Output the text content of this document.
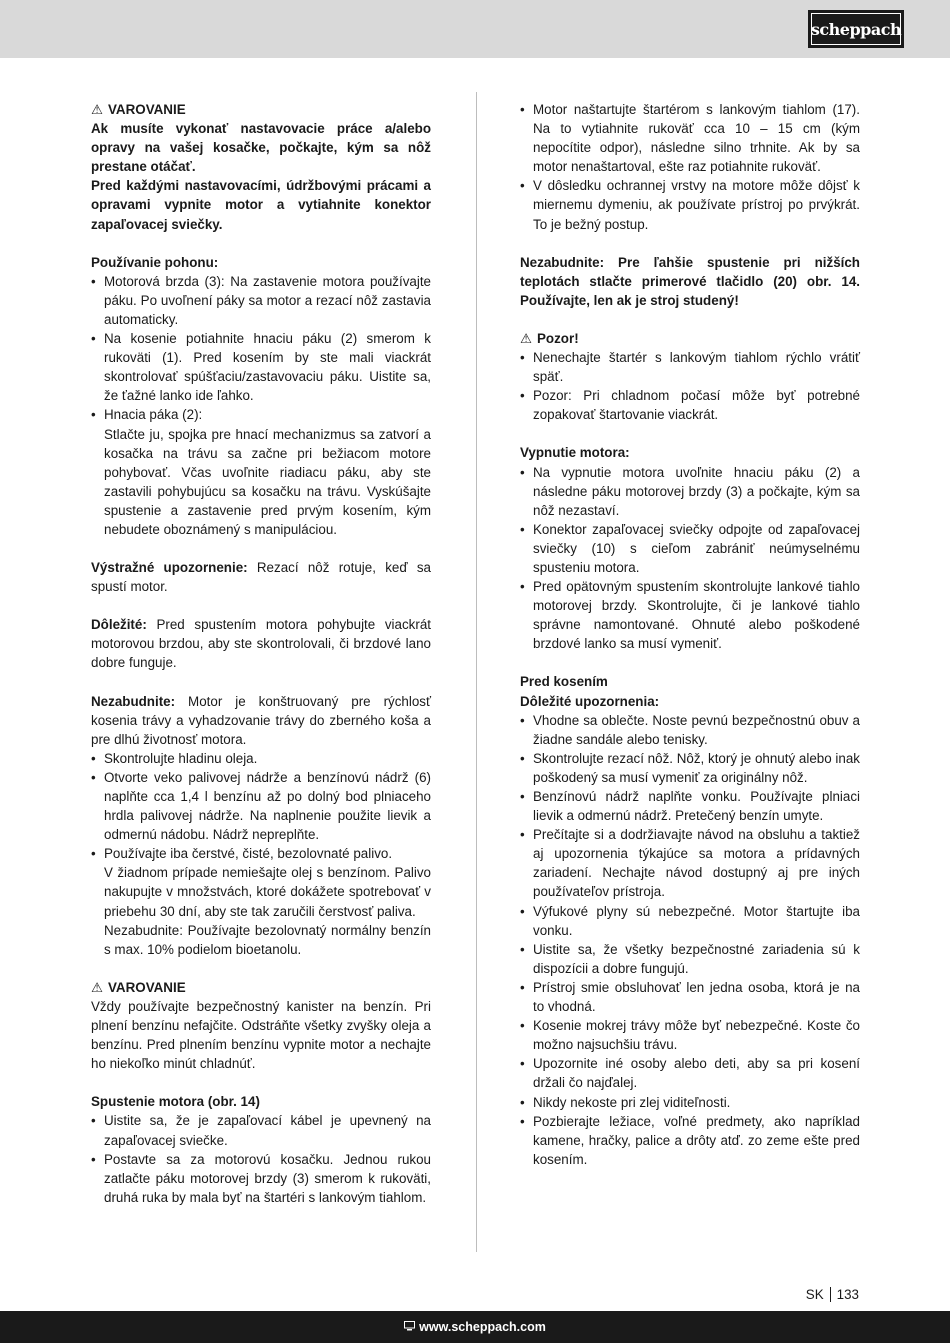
scheppach

⚠ VAROVANIE

Ak musíte vykonať nastavovacie práce a/alebo opravy na vašej kosačke, počkajte, kým sa nôž prestane otáčať.

Pred každými nastavovacími, údržbovými prácami a opravami vypnite motor a vytiahnite konektor zapaľovacej sviečky.

Používanie pohonu:

• Motorová brzda (3): Na zastavenie motora používajte páku. Po uvoľnení páky sa motor a rezací nôž zastavia automaticky.
• Na kosenie potiahnite hnaciu páku (2) smerom k rukoväti (1). Pred kosením by ste mali viackrát skontrolovať spúšťaciu/zastavovaciu páku. Uistite sa, že ťažné lanko ide ľahko.
• Hnacia páka (2):

Stlačte ju, spojka pre hnací mechanizmus sa zatvorí a kosačka na trávu sa začne pri bežiacom motore pohybovať. Včas uvoľnite riadiacu páku, aby ste zastavili pohybujúcu sa kosačku na trávu. Vyskúšajte spustenie a zastavenie pred prvým kosením, kým nebudete oboznámený s manipuláciou.

Výstražné upozornenie: Rezací nôž rotuje, keď sa spustí motor.

Dôležité: Pred spustením motora pohybujte viackrát motorovou brzdou, aby ste skontrolovali, či brzdové lano dobre funguje.

Nezabudnite: Motor je konštruovaný pre rýchlosť kosenia trávy a vyhadzovanie trávy do zberného koša a pre dlhú životnosť motora.

• Skontrolujte hladinu oleja.
• Otvorte veko palivovej nádrže a benzínovú nádrž (6) naplňte cca 1,4 l benzínu až po dolný bod plniaceho hrdla palivovej nádrže. Na naplnenie použite lievik a odmernú nádobu. Nádrž nepreplňte.
• Používajte iba čerstvé, čisté, bezolovnaté palivo.

V žiadnom prípade nemiešajte olej s benzínom. Palivo nakupujte v množstvách, ktoré dokážete spotrebovať v priebehu 30 dní, aby ste tak zaručili čerstvosť paliva.

Nezabudnite: Používajte bezolovnatý normálny benzín s max. 10% podielom bioetanolu.

⚠ VAROVANIE

Vždy používajte bezpečnostný kanister na benzín. Pri plnení benzínu nefajčite. Odstráňte všetky zvyšky oleja a benzínu. Pred plnením benzínu vypnite motor a nechajte ho niekoľko minút chladnúť.

Spustenie motora (obr. 14)

• Uistite sa, že je zapaľovací kábel je upevnený na zapaľovacej sviečke.
• Postavte sa za motorovú kosačku. Jednou rukou zatlačte páku motorovej brzdy (3) smerom k rukoväti, druhá ruka by mala byť na štartéri s lankovým tiahlom.
• Motor naštartujte štartérom s lankovým tiahlom (17). Na to vytiahnite rukoväť cca 10 – 15 cm (kým nepocítite odpor), následne silno trhnite. Ak by sa motor nenaštartoval, ešte raz potiahnite rukoväť.
• V dôsledku ochrannej vrstvy na motore môže dôjsť k miernemu dymeniu, ak používate prístroj po prvýkrát. To je bežný postup.

Nezabudnite: Pre ľahšie spustenie pri nižších teplotách stlačte primerové tlačidlo (20) obr. 14. Používajte, len ak je stroj studený!

⚠ Pozor!

• Nenechajte štartér s lankovým tiahlom rýchlo vrátiť späť.
• Pozor: Pri chladnom počasí môže byť potrebné zopakovať štartovanie viackrát.

Vypnutie motora:

• Na vypnutie motora uvoľnite hnaciu páku (2) a následne páku motorovej brzdy (3) a počkajte, kým sa nôž nezastaví.
• Konektor zapaľovacej sviečky odpojte od zapaľovacej sviečky (10) s cieľom zabrániť neúmyselnému spusteniu motora.
• Pred opätovným spustením skontrolujte lankové tiahlo motorovej brzdy. Skontrolujte, či je lankové tiahlo správne namontované. Ohnuté alebo poškodené brzdové lanko sa musí vymeniť.

Pred kosením

Dôležité upozornenia:

• Vhodne sa oblečte. Noste pevnú bezpečnostnú obuv a žiadne sandále alebo tenisky.
• Skontrolujte rezací nôž. Nôž, ktorý je ohnutý alebo inak poškodený sa musí vymeniť za originálny nôž.
• Benzínovú nádrž naplňte vonku. Používajte plniaci lievik a odmernú nádrž. Pretečený benzín umyte.
• Prečítajte si a dodržiavajte návod na obsluhu a taktiež aj upozornenia týkajúce sa motora a prídavných zariadení. Nechajte návod dostupný aj pre iných používateľov prístroja.
• Výfukové plyny sú nebezpečné. Motor štartujte iba vonku.
• Uistite sa, že všetky bezpečnostné zariadenia sú k dispozícii a dobre fungujú.
• Prístroj smie obsluhovať len jedna osoba, ktorá je na to vhodná.
• Kosenie mokrej trávy môže byť nebezpečné. Koste čo možno najsuchšiu trávu.
• Upozornite iné osoby alebo deti, aby sa pri kosení držali čo najďalej.
• Nikdy nekoste pri zlej viditeľnosti.
• Pozbierajte ležiace, voľné predmety, ako napríklad kamene, hračky, palice a drôty atď. zo zeme ešte pred kosením.
SK 133
www.scheppach.com
